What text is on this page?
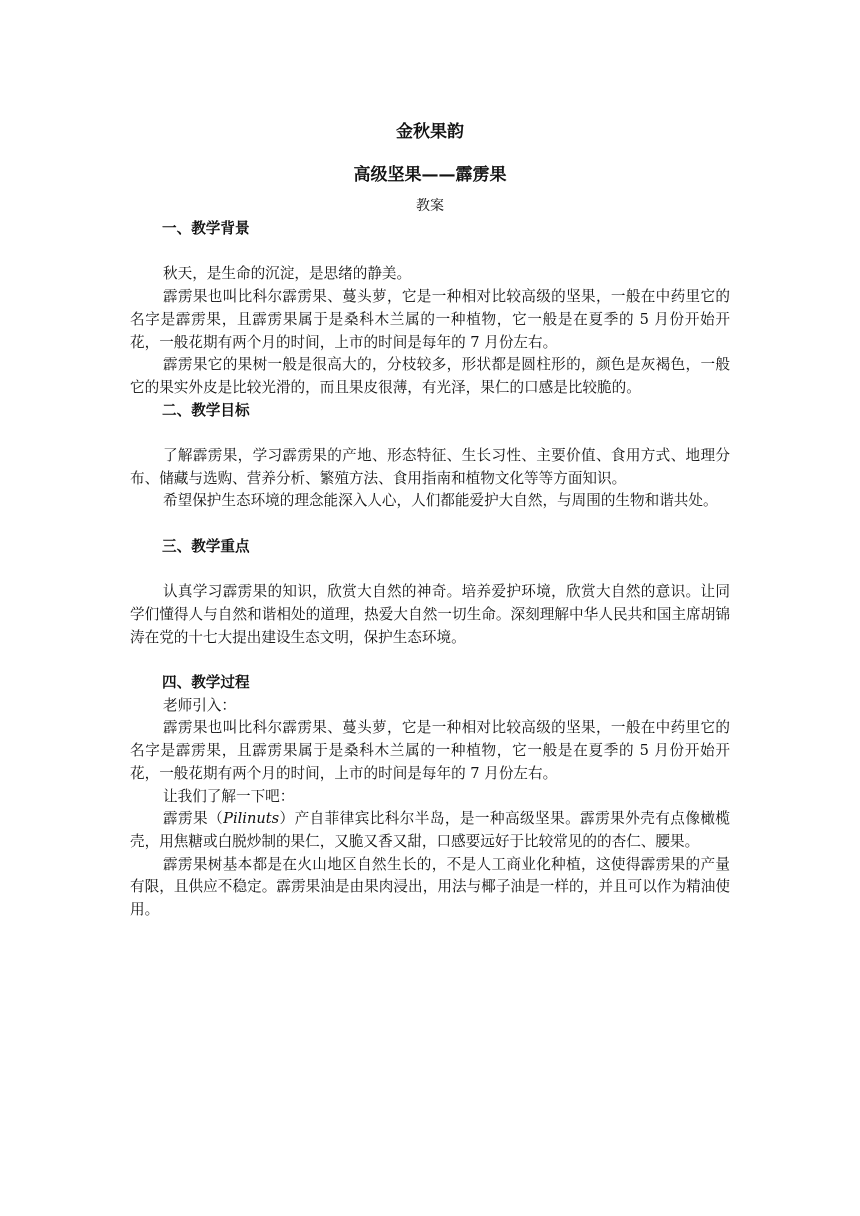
金秋果韵
高级坚果——霹雳果
教案

一、教学背景

秋天，是生命的沉淀，是思绪的静美。

霹雳果也叫比科尔霹雳果、蔓头萝，它是一种相对比较高级的坚果，一般在中药里它的名字是霹雳果，且霹雳果属于是桑科木兰属的一种植物，它一般是在夏季的 5 月份开始开花，一般花期有两个月的时间，上市的时间是每年的 7 月份左右。

霹雳果它的果树一般是很高大的，分枝较多，形状都是圆柱形的，颜色是灰褐色，一般它的果实外皮是比较光滑的，而且果皮很薄，有光泽，果仁的口感是比较脆的。

二、教学目标

了解霹雳果，学习霹雳果的产地、形态特征、生长习性、主要价值、食用方式、地理分布、储藏与选购、营养分析、繁殖方法、食用指南和植物文化等等方面知识。

希望保护生态环境的理念能深入人心，人们都能爱护大自然，与周围的生物和谐共处。

三、教学重点

认真学习霹雳果的知识，欣赏大自然的神奇。培养爱护环境，欣赏大自然的意识。让同学们懂得人与自然和谐相处的道理，热爱大自然一切生命。深刻理解中华人民共和国主席胡锦涛在党的十七大提出建设生态文明，保护生态环境。

四、教学过程

老师引入：

霹雳果也叫比科尔霹雳果、蔓头萝，它是一种相对比较高级的坚果，一般在中药里它的名字是霹雳果，且霹雳果属于是桑科木兰属的一种植物，它一般是在夏季的 5 月份开始开花，一般花期有两个月的时间，上市的时间是每年的 7 月份左右。

让我们了解一下吧：

霹雳果（Pilinuts）产自菲律宾比科尔半岛，是一种高级坚果。霹雳果外壳有点像橄榄壳，用焦糖或白脱炒制的果仁，又脆又香又甜，口感要远好于比较常见的的杏仁、腰果。

霹雳果树基本都是在火山地区自然生长的，不是人工商业化种植，这使得霹雳果的产量有限，且供应不稳定。霹雳果油是由果肉浸出，用法与椰子油是一样的，并且可以作为精油使用。
